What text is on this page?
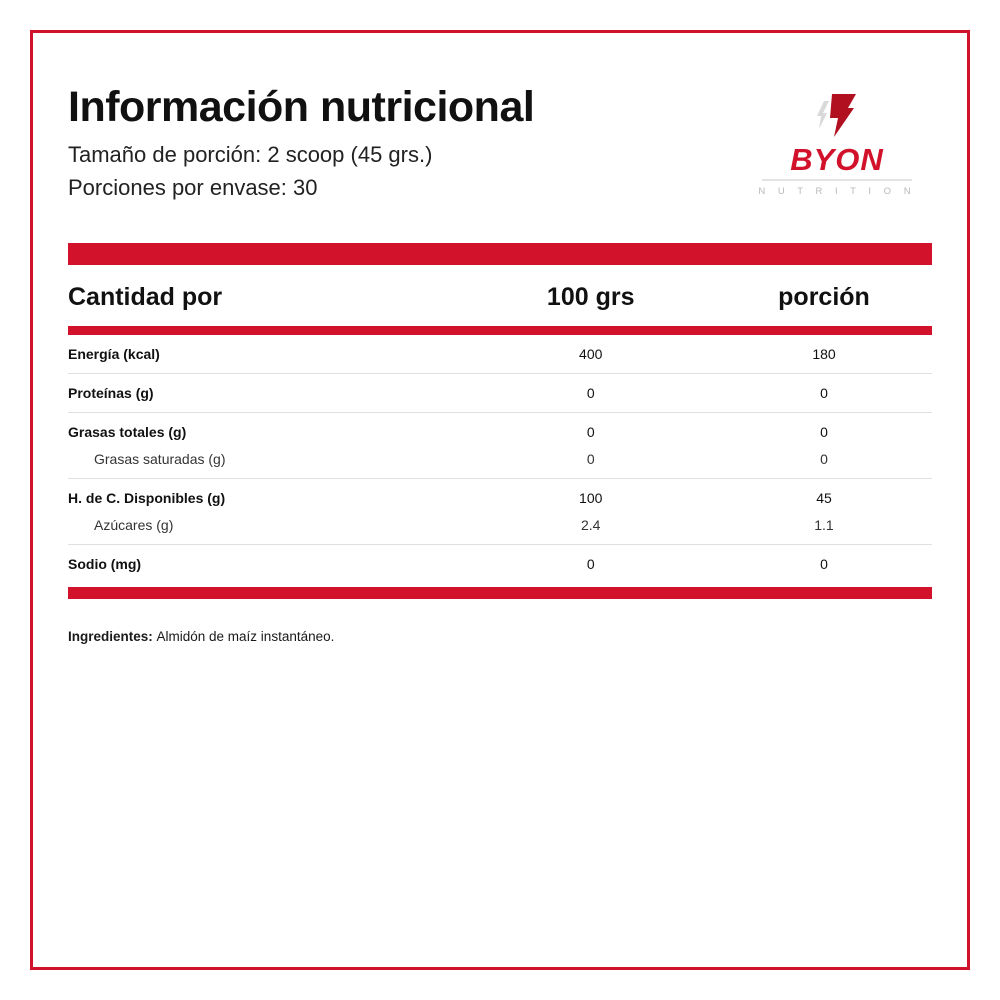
Información nutricional
Tamaño de porción: 2 scoop (45 grs.)
Porciones por envase: 30
BYON
N U T R I T I O N
Cantidad por	100 grs	porción
Energía (kcal)	400	180

Proteínas (g)	0	0

Grasas totales (g)	0	0
Grasas saturadas (g)	0	0

H. de C. Disponibles (g)	100	45
Azúcares (g)	2.4	1.1

Sodio (mg)	0	0
Ingredientes: Almidón de maíz instantáneo.
